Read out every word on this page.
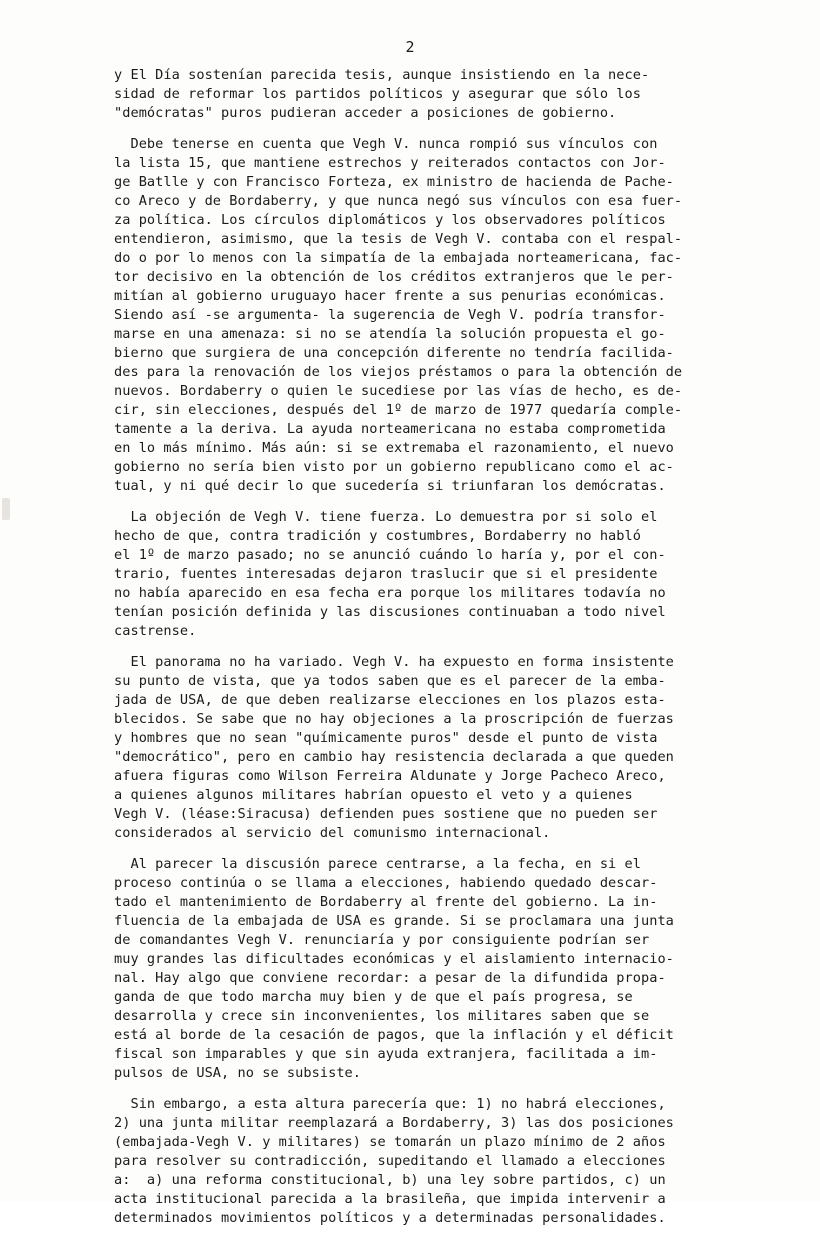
2
y El Día sostenían parecida tesis, aunque insistiendo en la nece-
sidad de reformar los partidos políticos y asegurar que sólo los
"demócratas" puros pudieran acceder a posiciones de gobierno.
Debe tenerse en cuenta que Vegh V. nunca rompió sus vínculos con
la lista 15, que mantiene estrechos y reiterados contactos con Jor-
ge Batlle y con Francisco Forteza, ex ministro de hacienda de Pache-
co Areco y de Bordaberry, y que nunca negó sus vínculos con esa fuer-
za política. Los círculos diplomáticos y los observadores políticos
entendieron, asimismo, que la tesis de Vegh V. contaba con el respal-
do o por lo menos con la simpatía de la embajada norteamericana, fac-
tor decisivo en la obtención de los créditos extranjeros que le per-
mitían al gobierno uruguayo hacer frente a sus penurias económicas.
Siendo así -se argumenta- la sugerencia de Vegh V. podría transfor-
marse en una amenaza: si no se atendía la solución propuesta el go-
bierno que surgiera de una concepción diferente no tendría facilida-
des para la renovación de los viejos préstamos o para la obtención de
nuevos. Bordaberry o quien le sucediese por las vías de hecho, es de-
cir, sin elecciones, después del 1º de marzo de 1977 quedaría comple-
tamente a la deriva. La ayuda norteamericana no estaba comprometida
en lo más mínimo. Más aún: si se extremaba el razonamiento, el nuevo
gobierno no sería bien visto por un gobierno republicano como el ac-
tual, y ni qué decir lo que sucedería si triunfaran los demócratas.
La objeción de Vegh V. tiene fuerza. Lo demuestra por si solo el
hecho de que, contra tradición y costumbres, Bordaberry no habló
el 1º de marzo pasado; no se anunció cuándo lo haría y, por el con-
trario, fuentes interesadas dejaron traslucir que si el presidente
no había aparecido en esa fecha era porque los militares todavía no
tenían posición definida y las discusiones continuaban a todo nivel
castrense.
El panorama no ha variado. Vegh V. ha expuesto en forma insistente
su punto de vista, que ya todos saben que es el parecer de la emba-
jada de USA, de que deben realizarse elecciones en los plazos esta-
blecidos. Se sabe que no hay objeciones a la proscripción de fuerzas
y hombres que no sean "químicamente puros" desde el punto de vista
"democrático", pero en cambio hay resistencia declarada a que queden
afuera figuras como Wilson Ferreira Aldunate y Jorge Pacheco Areco,
a quienes algunos militares habrían opuesto el veto y a quienes
Vegh V. (léase:Siracusa) defienden pues sostiene que no pueden ser
considerados al servicio del comunismo internacional.
Al parecer la discusión parece centrarse, a la fecha, en si el
proceso continúa o se llama a elecciones, habiendo quedado descar-
tado el mantenimiento de Bordaberry al frente del gobierno. La in-
fluencia de la embajada de USA es grande. Si se proclamara una junta
de comandantes Vegh V. renunciaría y por consiguiente podrían ser
muy grandes las dificultades económicas y el aislamiento internacio-
nal. Hay algo que conviene recordar: a pesar de la difundida propa-
ganda de que todo marcha muy bien y de que el país progresa, se
desarrolla y crece sin inconvenientes, los militares saben que se
está al borde de la cesación de pagos, que la inflación y el déficit
fiscal son imparables y que sin ayuda extranjera, facilitada a im-
pulsos de USA, no se subsiste.
Sin embargo, a esta altura parecería que: 1) no habrá elecciones,
2) una junta militar reemplazará a Bordaberry, 3) las dos posiciones
(embajada-Vegh V. y militares) se tomarán un plazo mínimo de 2 años
para resolver su contradicción, supeditando el llamado a elecciones
a:  a) una reforma constitucional, b) una ley sobre partidos, c) un
acta institucional parecida a la brasileña, que impida intervenir a
determinados movimientos políticos y a determinadas personalidades.
